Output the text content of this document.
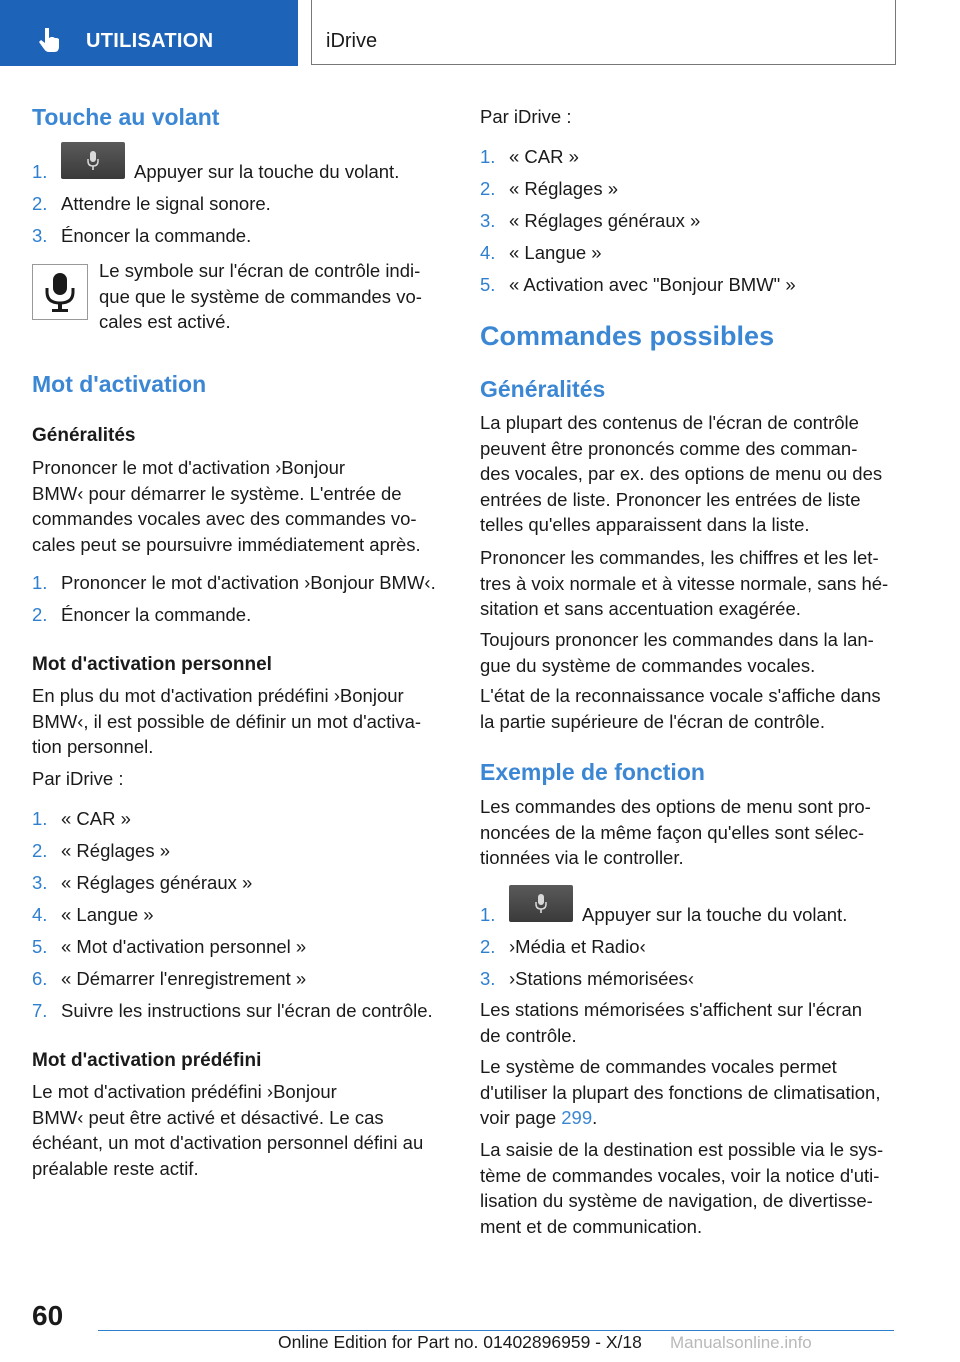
UTILISATION	iDrive
Touche au volant
1.	Appuyer sur la touche du volant.
2. Attendre le signal sonore.
3. Énoncer la commande.
Le symbole sur l'écran de contrôle indi-
que que le système de commandes vo-
cales est activé.
Mot d'activation
Généralités
Prononcer le mot d'activation ›Bonjour
BMW‹ pour démarrer le système. L'entrée de
commandes vocales avec des commandes vo-
cales peut se poursuivre immédiatement après.
1. Prononcer le mot d'activation ›Bonjour BMW‹.
2. Énoncer la commande.
Mot d'activation personnel
En plus du mot d'activation prédéfini ›Bonjour
BMW‹, il est possible de définir un mot d'activa-
tion personnel.
Par iDrive :
1. « CAR »
2. « Réglages »
3. « Réglages généraux »
4. « Langue »
5. « Mot d'activation personnel »
6. « Démarrer l'enregistrement »
7. Suivre les instructions sur l'écran de contrôle.
Mot d'activation prédéfini
Le mot d'activation prédéfini ›Bonjour
BMW‹ peut être activé et désactivé. Le cas
échéant, un mot d'activation personnel défini au
préalable reste actif.
Par iDrive :
1. « CAR »
2. « Réglages »
3. « Réglages généraux »
4. « Langue »
5. « Activation avec "Bonjour BMW" »
Commandes possibles
Généralités
La plupart des contenus de l'écran de contrôle
peuvent être prononcés comme des comman-
des vocales, par ex. des options de menu ou des
entrées de liste. Prononcer les entrées de liste
telles qu'elles apparaissent dans la liste.
Prononcer les commandes, les chiffres et les let-
tres à voix normale et à vitesse normale, sans hé-
sitation et sans accentuation exagérée.
Toujours prononcer les commandes dans la lan-
gue du système de commandes vocales.
L'état de la reconnaissance vocale s'affiche dans
la partie supérieure de l'écran de contrôle.
Exemple de fonction
Les commandes des options de menu sont pro-
noncées de la même façon qu'elles sont sélec-
tionnées via le controller.
1.	Appuyer sur la touche du volant.
2. ›Média et Radio‹
3. ›Stations mémorisées‹
Les stations mémorisées s'affichent sur l'écran
de contrôle.
Le système de commandes vocales permet
d'utiliser la plupart des fonctions de climatisation,
voir page 299.
La saisie de la destination est possible via le sys-
tème de commandes vocales, voir la notice d'uti-
lisation du système de navigation, de divertisse-
ment et de communication.
60
Online Edition for Part no. 01402896959 - X/18 Manualsonline.info
